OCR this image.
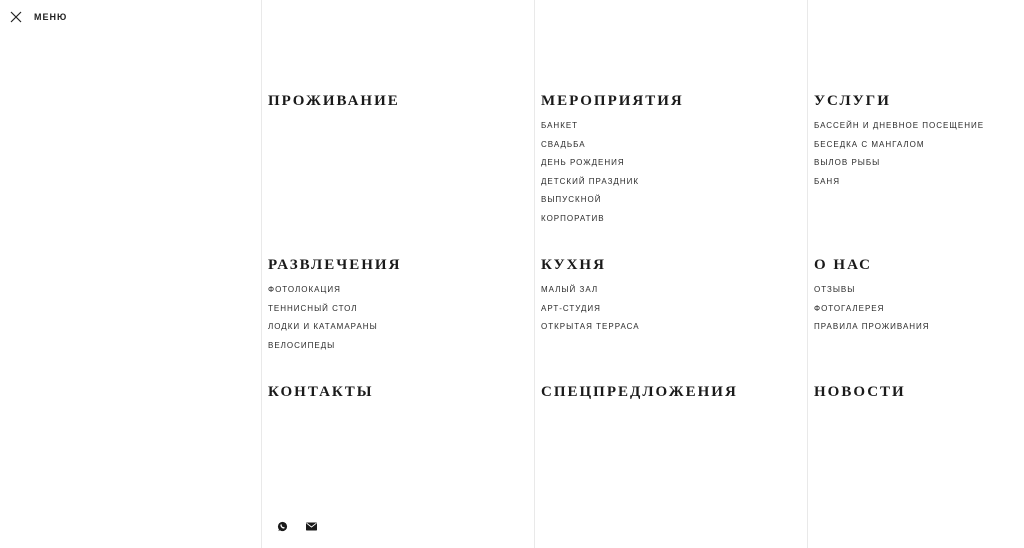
МЕНЮ
ПРОЖИВАНИЕ
РАЗВЛЕЧЕНИЯ
ФОТОЛОКАЦИЯ
ТЕННИСНЫЙ СТОЛ
ЛОДКИ И КАТАМАРАНЫ
ВЕЛОСИПЕДЫ
КОНТАКТЫ
МЕРОПРИЯТИЯ
БАНКЕТ
СВАДЬБА
ДЕНЬ РОЖДЕНИЯ
ДЕТСКИЙ ПРАЗДНИК
ВЫПУСКНОЙ
КОРПОРАТИВ
КУХНЯ
МАЛЫЙ ЗАЛ
АРТ-СТУДИЯ
ОТКРЫТАЯ ТЕРРАСА
СПЕЦПРЕДЛОЖЕНИЯ
УСЛУГИ
БАССЕЙН И ДНЕВНОЕ ПОСЕЩЕНИЕ
БЕСЕДКА С МАНГАЛОМ
ВЫЛОВ РЫБЫ
БАНЯ
О НАС
ОТЗЫВЫ
ФОТОГАЛЕРЕЯ
ПРАВИЛА ПРОЖИВАНИЯ
НОВОСТИ
